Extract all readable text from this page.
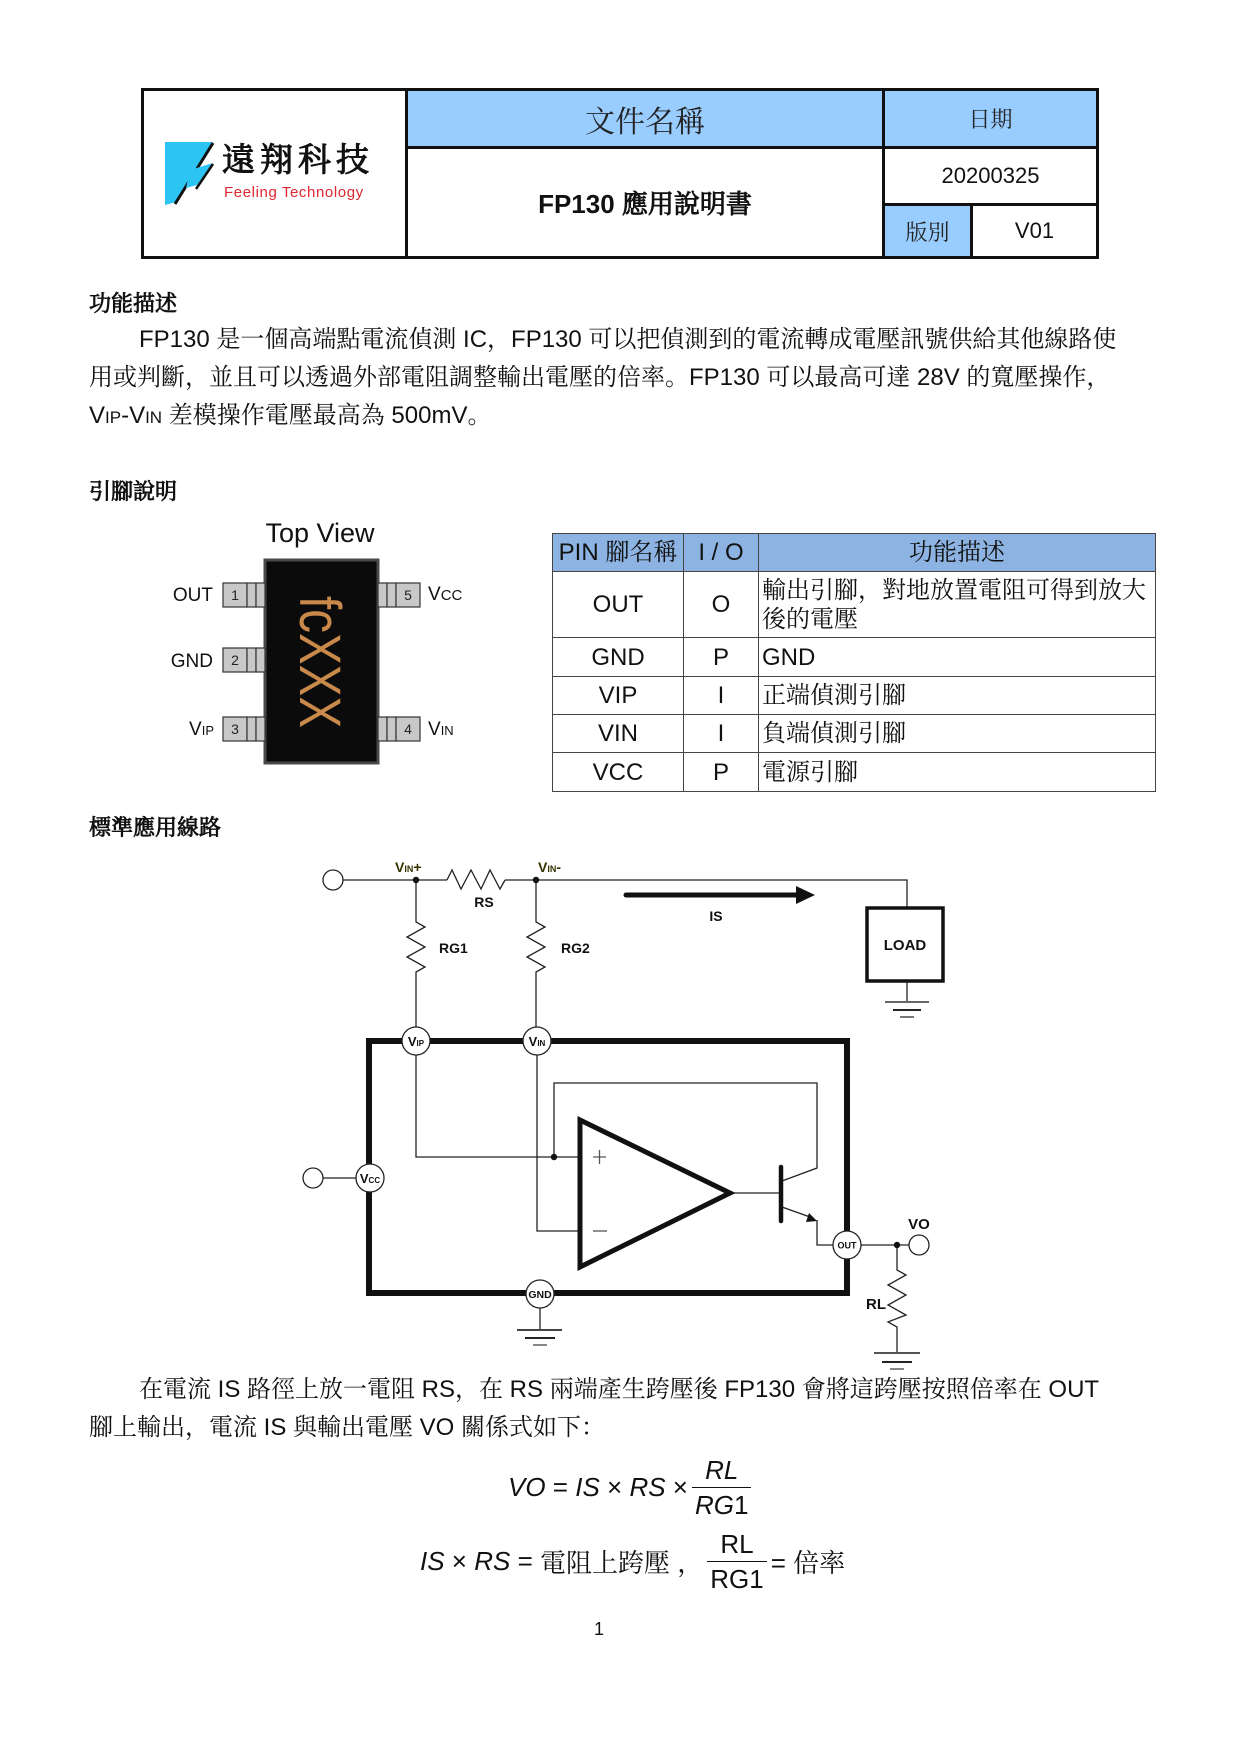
遠翔科技
Feeling Technology
文件名稱	日期
FP130 應用說明書
20200325
版別	V01
功能描述
FP130 是一個高端點電流偵測 IC，FP130 可以把偵測到的電流轉成電壓訊號供給其他線路使
用或判斷，並且可以透過外部電阻調整輸出電壓的倍率。FP130 可以最高可達 28V 的寬壓操作，
VIP-VIN 差模操作電壓最高為 500mV。
引腳說明
Top View
fcXXX
1
2
3
5
4
OUT
GND
VIP
VCC
VIN
PIN 腳名稱	I / O	功能描述
OUT	O	輸出引腳，對地放置電阻可得到放大
後的電壓

GND	P	GND
VIP	I	正端偵測引腳
VIN	I	負端偵測引腳
VCC	P	電源引腳
標準應用線路
VIN+	VIN-
RS
IS
RG1	RG2	LOAD
VO
RL
VIP	VIN
VCC
GND
OUT
在電流 IS 路徑上放一電阻 RS，在 RS 兩端產生跨壓後 FP130 會將這跨壓按照倍率在 OUT
腳上輸出，電流 IS 與輸出電壓 VO 關係式如下：
VO = IS × RS × $\frac{RL}{RG1}$
IS × RS = 電阻上跨壓 ， $\frac{RL}{RG1}$ = 倍率
1
